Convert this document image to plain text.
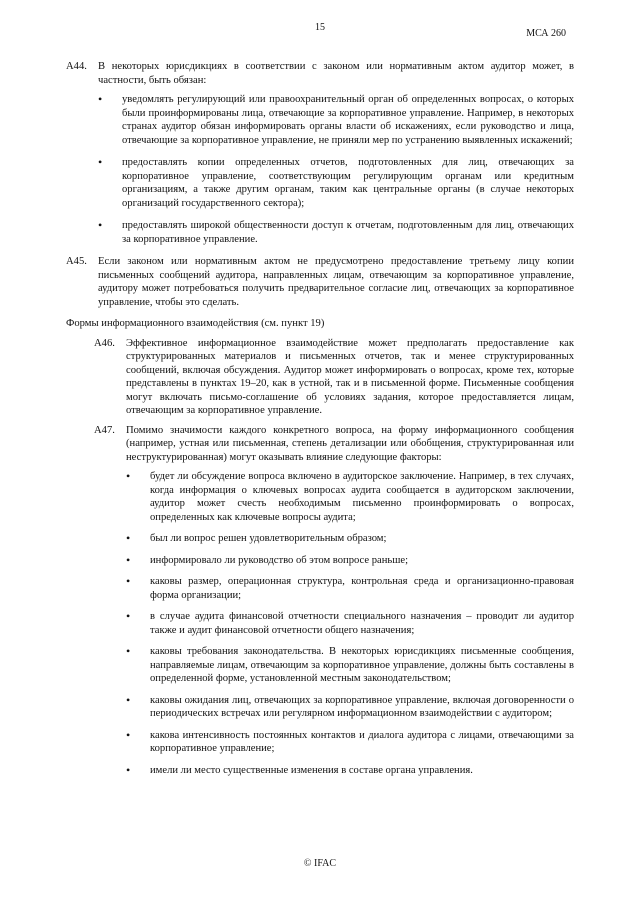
15
МСА 260
A44.	В некоторых юрисдикциях в соответствии с законом или нормативным актом аудитор может, в частности, быть обязан:
•	уведомлять регулирующий или правоохранительный орган об определенных вопросах, о которых были проинформированы лица, отвечающие за корпоративное управление. Например, в некоторых странах аудитор обязан информировать органы власти об искажениях, если руководство и лица, отвечающие за корпоративное управление, не приняли мер по устранению выявленных искажений;
•	предоставлять копии определенных отчетов, подготовленных для лиц, отвечающих за корпоративное управление, соответствующим регулирующим органам или кредитным организациям, а также другим органам, таким как центральные органы (в случае некоторых организаций государственного сектора);
•	предоставлять широкой общественности доступ к отчетам, подготовленным для лиц, отвечающих за корпоративное управление.
A45.	Если законом или нормативным актом не предусмотрено предоставление третьему лицу копии письменных сообщений аудитора, направленных лицам, отвечающим за корпоративное управление, аудитору может потребоваться получить предварительное согласие лиц, отвечающих за корпоративное управление, чтобы это сделать.
Формы информационного взаимодействия (см. пункт 19)
A46.	Эффективное информационное взаимодействие может предполагать предоставление как структурированных материалов и письменных отчетов, так и менее структурированных сообщений, включая обсуждения. Аудитор может информировать о вопросах, кроме тех, которые представлены в пунктах 19–20, как в устной, так и в письменной форме. Письменные сообщения могут включать письмо-соглашение об условиях задания, которое предоставляется лицам, отвечающим за корпоративное управление.
A47.	Помимо значимости каждого конкретного вопроса, на форму информационного сообщения (например, устная или письменная, степень детализации или обобщения, структурированная или неструктурированная) могут оказывать влияние следующие факторы:
•	будет ли обсуждение вопроса включено в аудиторское заключение. Например, в тех случаях, когда информация о ключевых вопросах аудита сообщается в аудиторском заключении, аудитор может счесть необходимым письменно проинформировать о вопросах, определенных как ключевые вопросы аудита;
•	был ли вопрос решен удовлетворительным образом;
•	информировало ли руководство об этом вопросе раньше;
•	каковы размер, операционная структура, контрольная среда и организационно-правовая форма организации;
•	в случае аудита финансовой отчетности специального назначения – проводит ли аудитор также и аудит финансовой отчетности общего назначения;
•	каковы требования законодательства. В некоторых юрисдикциях письменные сообщения, направляемые лицам, отвечающим за корпоративное управление, должны быть составлены в определенной форме, установленной местным законодательством;
•	каковы ожидания лиц, отвечающих за корпоративное управление, включая договоренности о периодических встречах или регулярном информационном взаимодействии с аудитором;
•	какова интенсивность постоянных контактов и диалога аудитора с лицами, отвечающими за корпоративное управление;
•	имели ли место существенные изменения в составе органа управления.
© IFAC
